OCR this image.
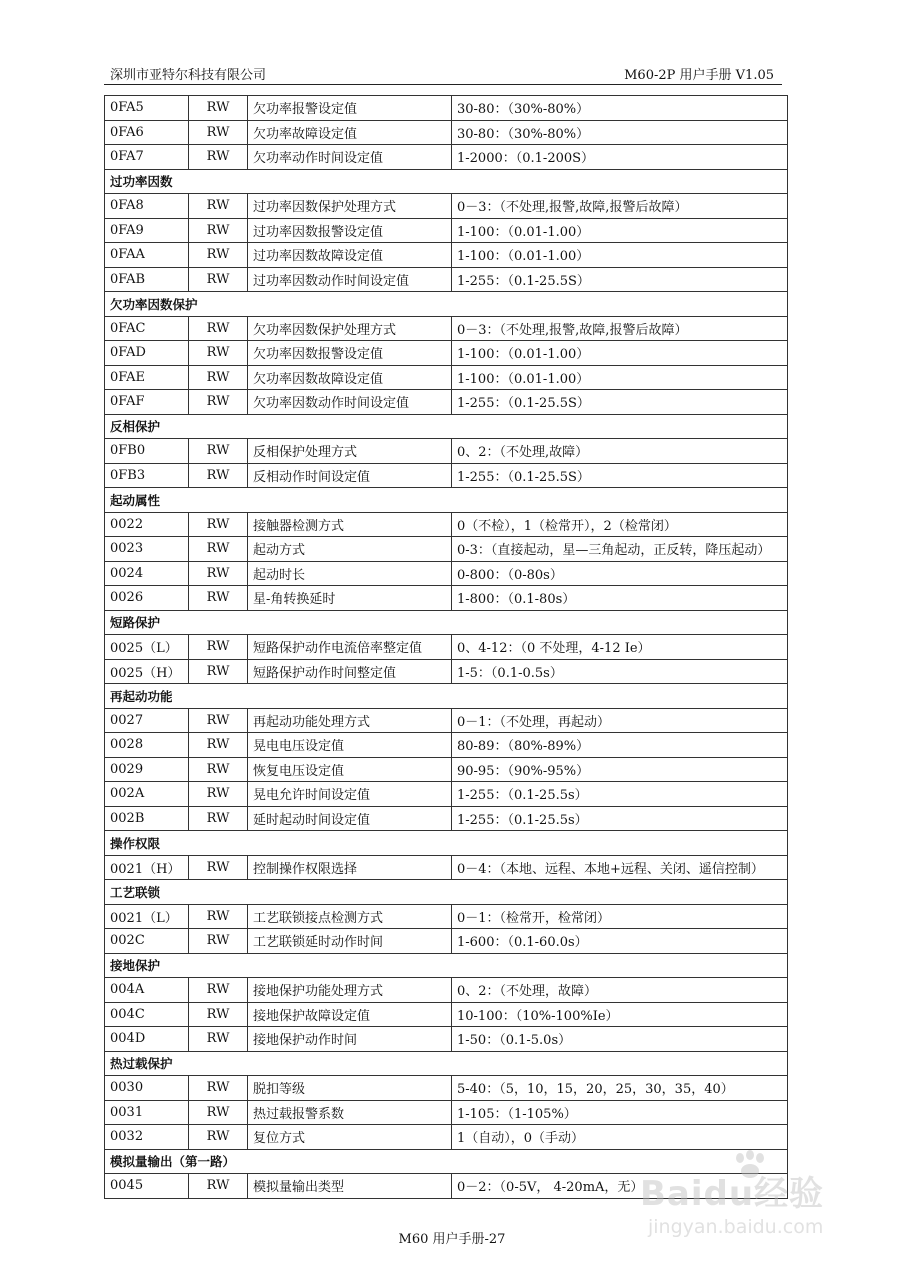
深圳市亚特尔科技有限公司	M60-2P 用户手册 V1.05
0FA5	RW	欠功率报警设定值	30-80：（30%-80%）
0FA6	RW	欠功率故障设定值	30-80：（30%-80%）
0FA7	RW	欠功率动作时间设定值	1-2000：（0.1-200S）
过功率因数			
0FA8	RW	过功率因数保护处理方式	0－3：（不处理,报警,故障,报警后故障）
0FA9	RW	过功率因数报警设定值	1-100：（0.01-1.00）
0FAA	RW	过功率因数故障设定值	1-100：（0.01-1.00）
0FAB	RW	过功率因数动作时间设定值	1-255：（0.1-25.5S）
欠功率因数保护			
0FAC	RW	欠功率因数保护处理方式	0－3：（不处理,报警,故障,报警后故障）
0FAD	RW	欠功率因数报警设定值	1-100：（0.01-1.00）
0FAE	RW	欠功率因数故障设定值	1-100：（0.01-1.00）
0FAF	RW	欠功率因数动作时间设定值	1-255：（0.1-25.5S）
反相保护			
0FB0	RW	反相保护处理方式	0、2：（不处理,故障）
0FB3	RW	反相动作时间设定值	1-255：（0.1-25.5S）
起动属性			
0022	RW	接触器检测方式	0（不检），1（检常开），2（检常闭）
0023	RW	起动方式	0-3：（直接起动，星—三角起动，正反转，降压起动）
0024	RW	起动时长	0-800：（0-80s）
0026	RW	星-角转换延时	1-800：（0.1-80s）
短路保护			
0025（L）	RW	短路保护动作电流倍率整定值	0、4-12：（0 不处理，4-12 Ie）
0025（H）	RW	短路保护动作时间整定值	1-5：（0.1-0.5s）
再起动功能			
0027	RW	再起动功能处理方式	0－1：（不处理，再起动）
0028	RW	晃电电压设定值	80-89：（80%-89%）
0029	RW	恢复电压设定值	90-95：（90%-95%）
002A	RW	晃电允许时间设定值	1-255：（0.1-25.5s）
002B	RW	延时起动时间设定值	1-255：（0.1-25.5s）
操作权限			
0021（H）	RW	控制操作权限选择	0－4：（本地、远程、本地+远程、关闭、遥信控制）
工艺联锁			
0021（L）	RW	工艺联锁接点检测方式	0－1：（检常开，检常闭）
002C	RW	工艺联锁延时动作时间	1-600：（0.1-60.0s）
接地保护			
004A	RW	接地保护功能处理方式	0、2：（不处理，故障）
004C	RW	接地保护故障设定值	10-100：（10%-100%Ie）
004D	RW	接地保护动作时间	1-50：（0.1-5.0s）
热过载保护			
0030	RW	脱扣等级	5-40：（5，10，15，20，25，30，35，40）
0031	RW	热过载报警系数	1-105：（1-105%）
0032	RW	复位方式	1（自动），0（手动）
模拟量输出（第一路）			
0045	RW	模拟量输出类型	0－2：（0-5V， 4-20mA，无）
M60 用户手册-27
Baidu经验
jingyan.baidu.com
